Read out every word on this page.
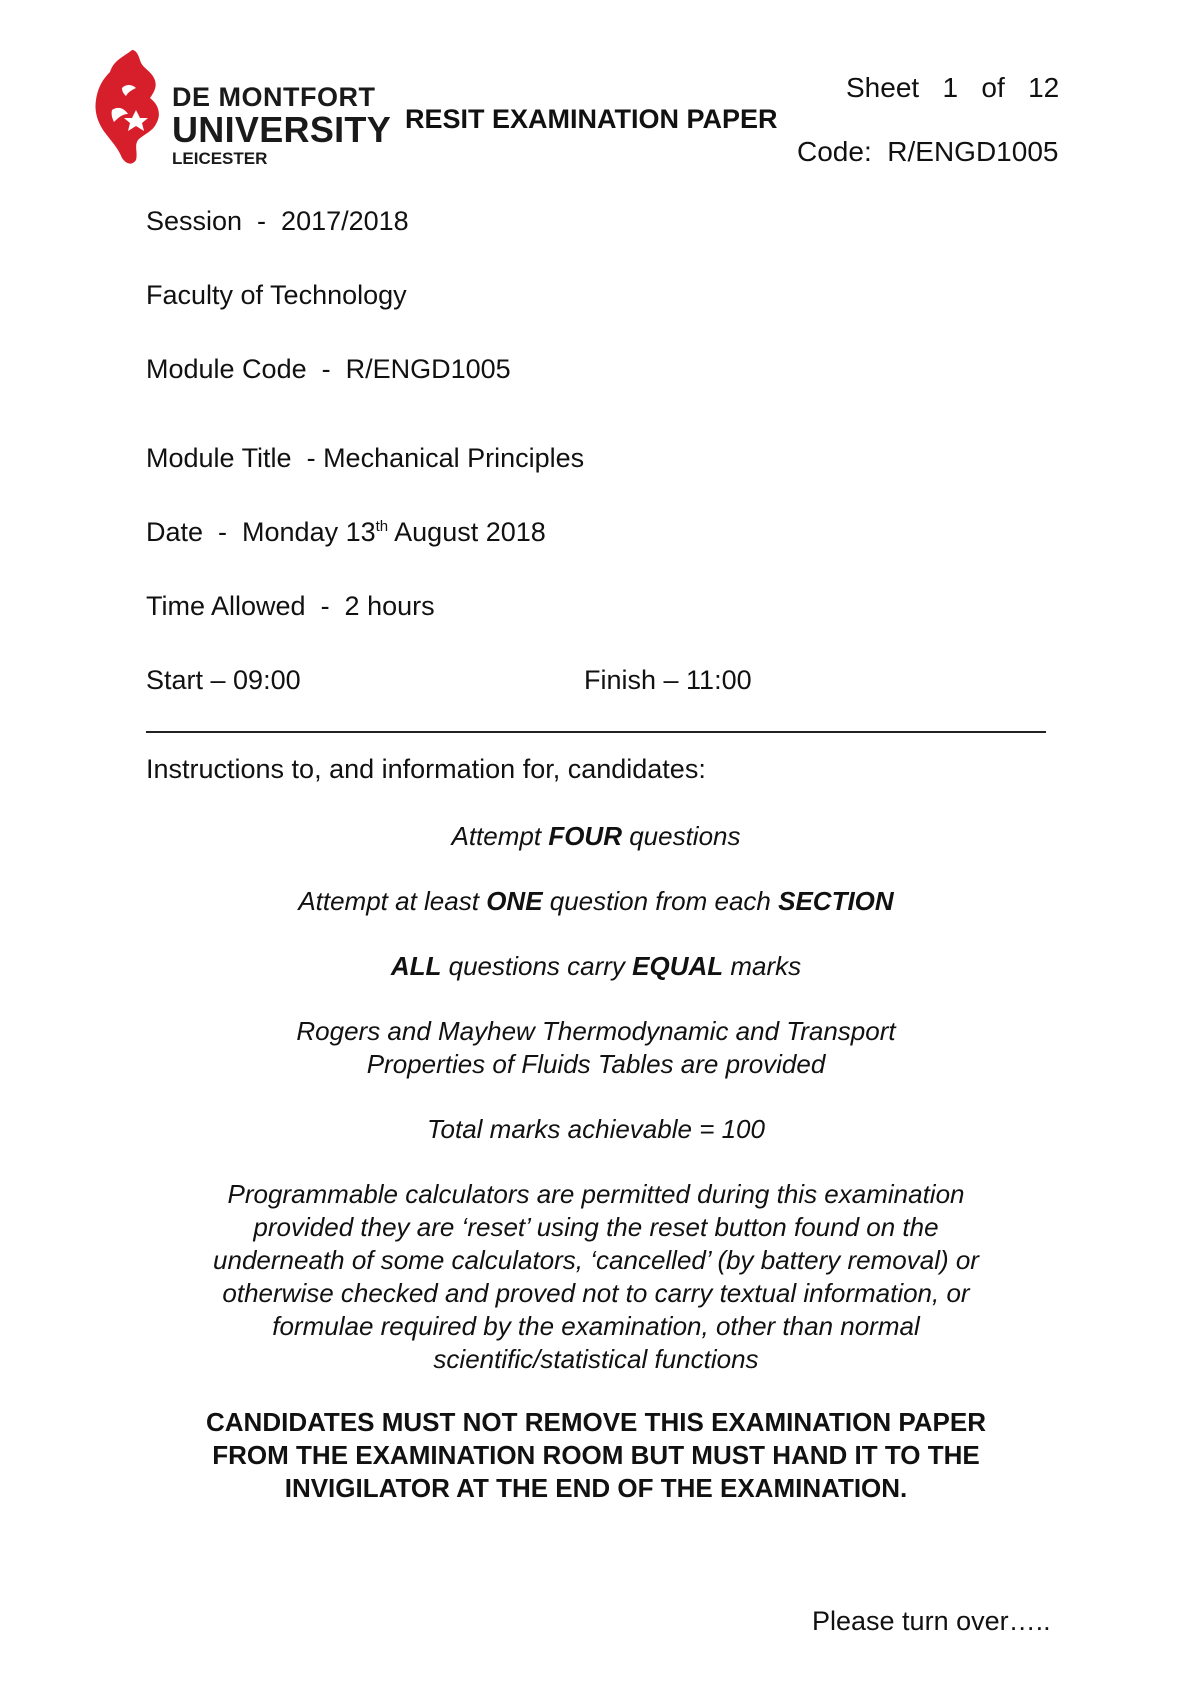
DE MONTFORT
UNIVERSITY
LEICESTER
Sheet   1   of   12
RESIT EXAMINATION PAPER
Code:  R/ENGD1005
Session  -  2017/2018
Faculty of Technology
Module Code  -  R/ENGD1005
Module Title  - Mechanical Principles
Date  -  Monday 13th August 2018
Time Allowed  -  2 hours
Start – 09:00	Finish – 11:00
Instructions to, and information for, candidates:
Attempt FOUR questions
Attempt at least ONE question from each SECTION
ALL questions carry EQUAL marks
Rogers and Mayhew Thermodynamic and Transport
Properties of Fluids Tables are provided
Total marks achievable = 100
Programmable calculators are permitted during this examination
provided they are ‘reset’ using the reset button found on the
underneath of some calculators, ‘cancelled’ (by battery removal) or
otherwise checked and proved not to carry textual information, or
formulae required by the examination, other than normal
scientific/statistical functions
CANDIDATES MUST NOT REMOVE THIS EXAMINATION PAPER
FROM THE EXAMINATION ROOM BUT MUST HAND IT TO THE
INVIGILATOR AT THE END OF THE EXAMINATION.
Please turn over…..
